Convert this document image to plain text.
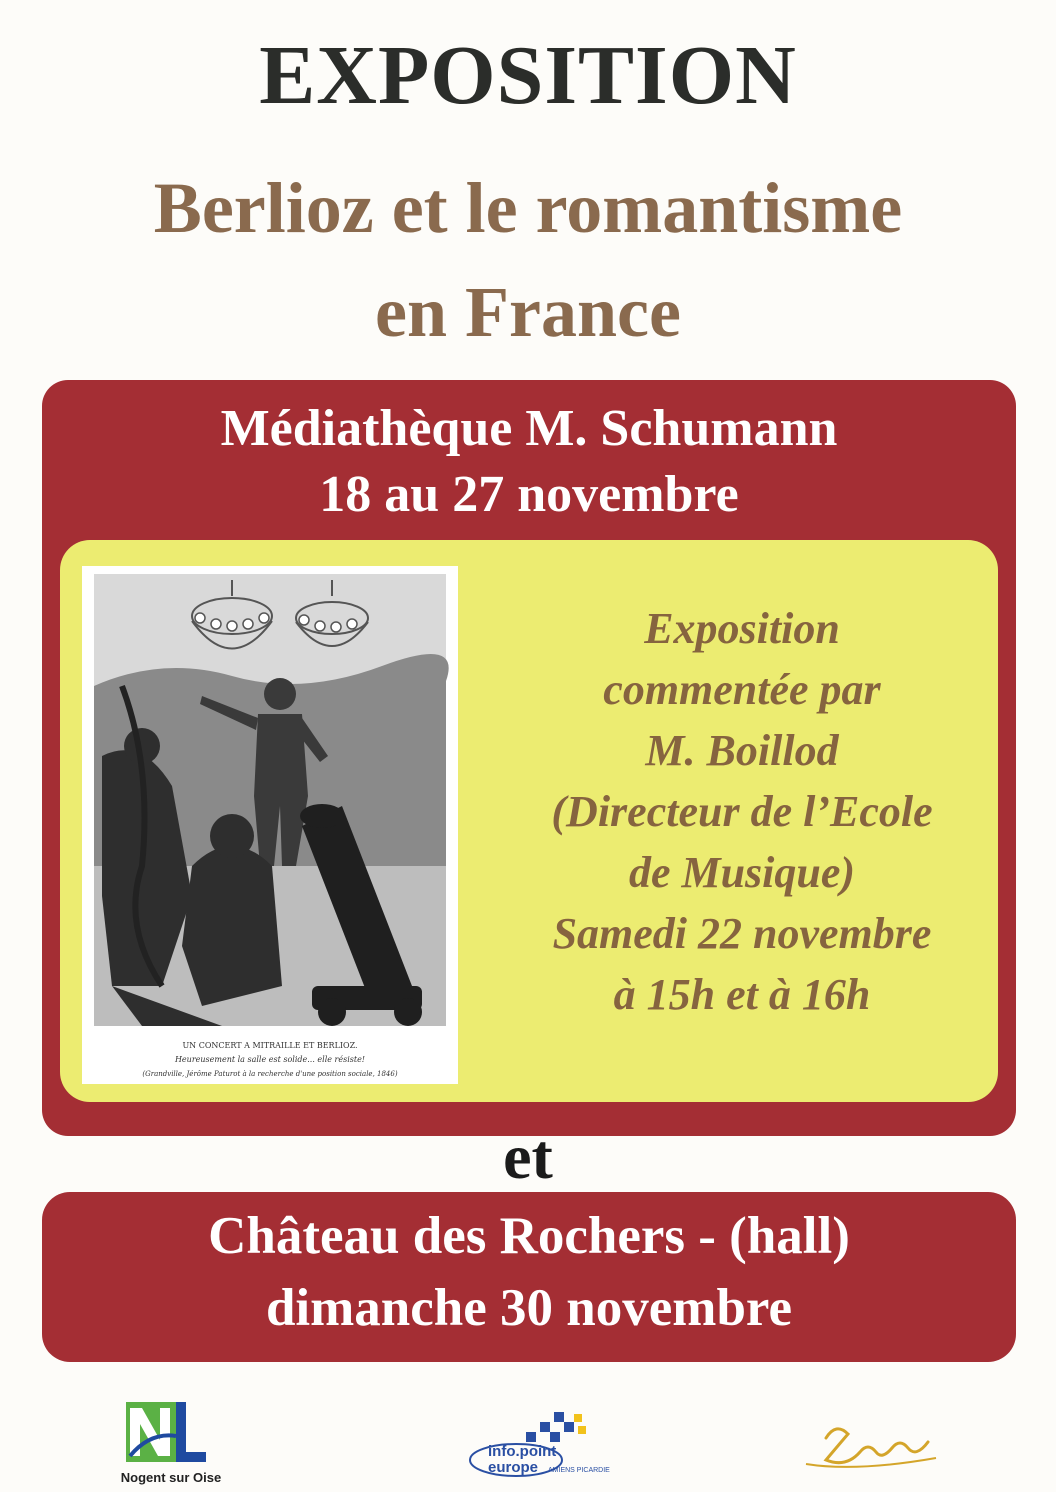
EXPOSITION
Berlioz et le romantisme
en France
Médiathèque M. Schumann
18 au 27 novembre
UN CONCERT A MITRAILLE ET BERLIOZ.
Heureusement la salle est solide... elle résiste!
(Grandville, Jérôme Paturot à la recherche d'une position sociale, 1846)
Exposition
commentée par
M. Boillod
(Directeur de l’Ecole
de Musique)
Samedi 22 novembre
à 15h et à 16h
et
Château des Rochers - (hall)
dimanche 30 novembre
Nogent sur Oise
info.point
europe AMIENS PICARDIE
